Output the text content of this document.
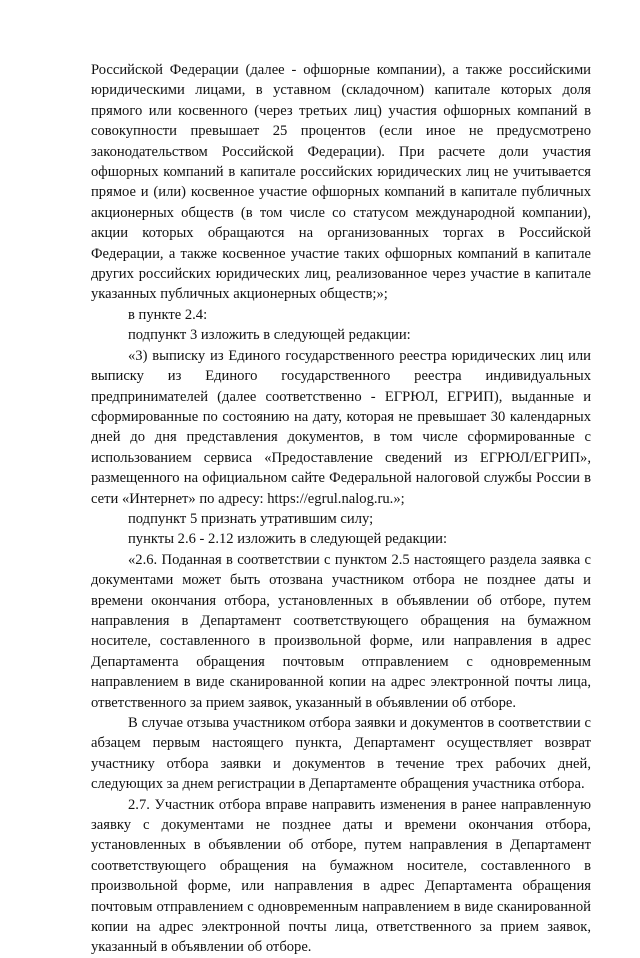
Российской Федерации (далее - офшорные компании), а также российскими юридическими лицами, в уставном (складочном) капитале которых доля прямого или косвенного (через третьих лиц) участия офшорных компаний в совокупности превышает 25 процентов (если иное не предусмотрено законодательством Российской Федерации). При расчете доли участия офшорных компаний в капитале российских юридических лиц не учитывается прямое и (или) косвенное участие офшорных компаний в капитале публичных акционерных обществ (в том числе со статусом международной компании), акции которых обращаются на организованных торгах в Российской Федерации, а также косвенное участие таких офшорных компаний в капитале других российских юридических лиц, реализованное через участие в капитале указанных публичных акционерных обществ;»;

в пункте 2.4:

подпункт 3 изложить в следующей редакции:

«3) выписку из Единого государственного реестра юридических лиц или выписку из Единого государственного реестра индивидуальных предпринимателей (далее соответственно - ЕГРЮЛ, ЕГРИП), выданные и сформированные по состоянию на дату, которая не превышает 30 календарных дней до дня представления документов, в том числе сформированные с использованием сервиса «Предоставление сведений из ЕГРЮЛ/ЕГРИП», размещенного на официальном сайте Федеральной налоговой службы России в сети «Интернет» по адресу: https://egrul.nalog.ru.»;

подпункт 5 признать утратившим силу;

пункты 2.6 - 2.12 изложить в следующей редакции:

«2.6. Поданная в соответствии с пунктом 2.5 настоящего раздела заявка с документами может быть отозвана участником отбора не позднее даты и времени окончания отбора, установленных в объявлении об отборе, путем направления в Департамент соответствующего обращения на бумажном носителе, составленного в произвольной форме, или направления в адрес Департамента обращения почтовым отправлением с одновременным направлением в виде сканированной копии на адрес электронной почты лица, ответственного за прием заявок, указанный в объявлении об отборе.

В случае отзыва участником отбора заявки и документов в соответствии с абзацем первым настоящего пункта, Департамент осуществляет возврат участнику отбора заявки и документов в течение трех рабочих дней, следующих за днем регистрации в Департаменте обращения участника отбора.

2.7. Участник отбора вправе направить изменения в ранее направленную заявку с документами не позднее даты и времени окончания отбора, установленных в объявлении об отборе, путем направления в Департамент соответствующего обращения на бумажном носителе, составленного в произвольной форме, или направления в адрес Департамента обращения почтовым отправлением с одновременным направлением в виде сканированной копии на адрес электронной почты лица, ответственного за прием заявок, указанный в объявлении об отборе.
